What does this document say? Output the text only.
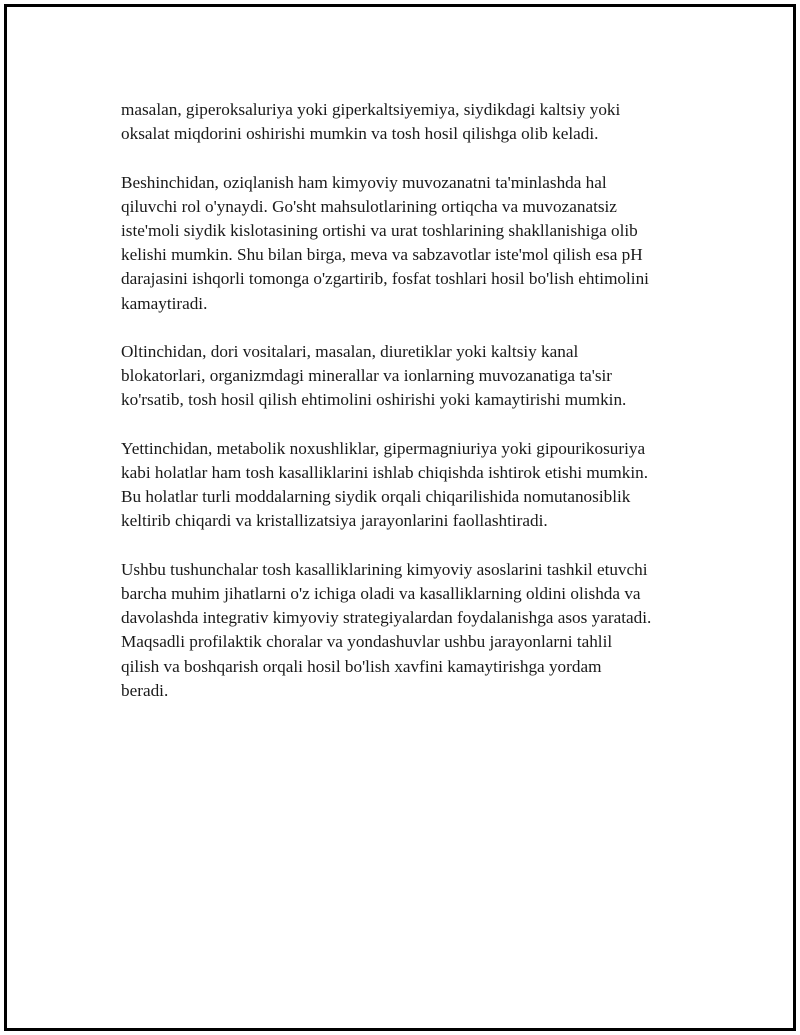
masalan, giperoksaluriya yoki giperkaltsiyemiya, siydikdagi kaltsiy yoki
oksalat miqdorini oshirishi mumkin va tosh hosil qilishga olib keladi.

Beshinchidan, oziqlanish ham kimyoviy muvozanatni ta'minlashda hal
qiluvchi rol o'ynaydi. Go'sht mahsulotlarining ortiqcha va muvozanatsiz
iste'moli siydik kislotasining ortishi va urat toshlarining shakllanishiga olib
kelishi mumkin. Shu bilan birga, meva va sabzavotlar iste'mol qilish esa pH
darajasini ishqorli tomonga o'zgartirib, fosfat toshlari hosil bo'lish ehtimolini
kamaytiradi.

Oltinchidan, dori vositalari, masalan, diuretiklar yoki kaltsiy kanal
blokatorlari, organizmdagi minerallar va ionlarning muvozanatiga ta'sir
ko'rsatib, tosh hosil qilish ehtimolini oshirishi yoki kamaytirishi mumkin.

Yettinchidan, metabolik noxushliklar, gipermagniuriya yoki gipourikosuriya
kabi holatlar ham tosh kasalliklarini ishlab chiqishda ishtirok etishi mumkin.
Bu holatlar turli moddalarning siydik orqali chiqarilishida nomutanosiblik
keltirib chiqardi va kristallizatsiya jarayonlarini faollashtiradi.

Ushbu tushunchalar tosh kasalliklarining kimyoviy asoslarini tashkil etuvchi
barcha muhim jihatlarni o'z ichiga oladi va kasalliklarning oldini olishda va
davolashda integrativ kimyoviy strategiyalardan foydalanishga asos yaratadi.
Maqsadli profilaktik choralar va yondashuvlar ushbu jarayonlarni tahlil
qilish va boshqarish orqali hosil bo'lish xavfini kamaytirishga yordam
beradi.
